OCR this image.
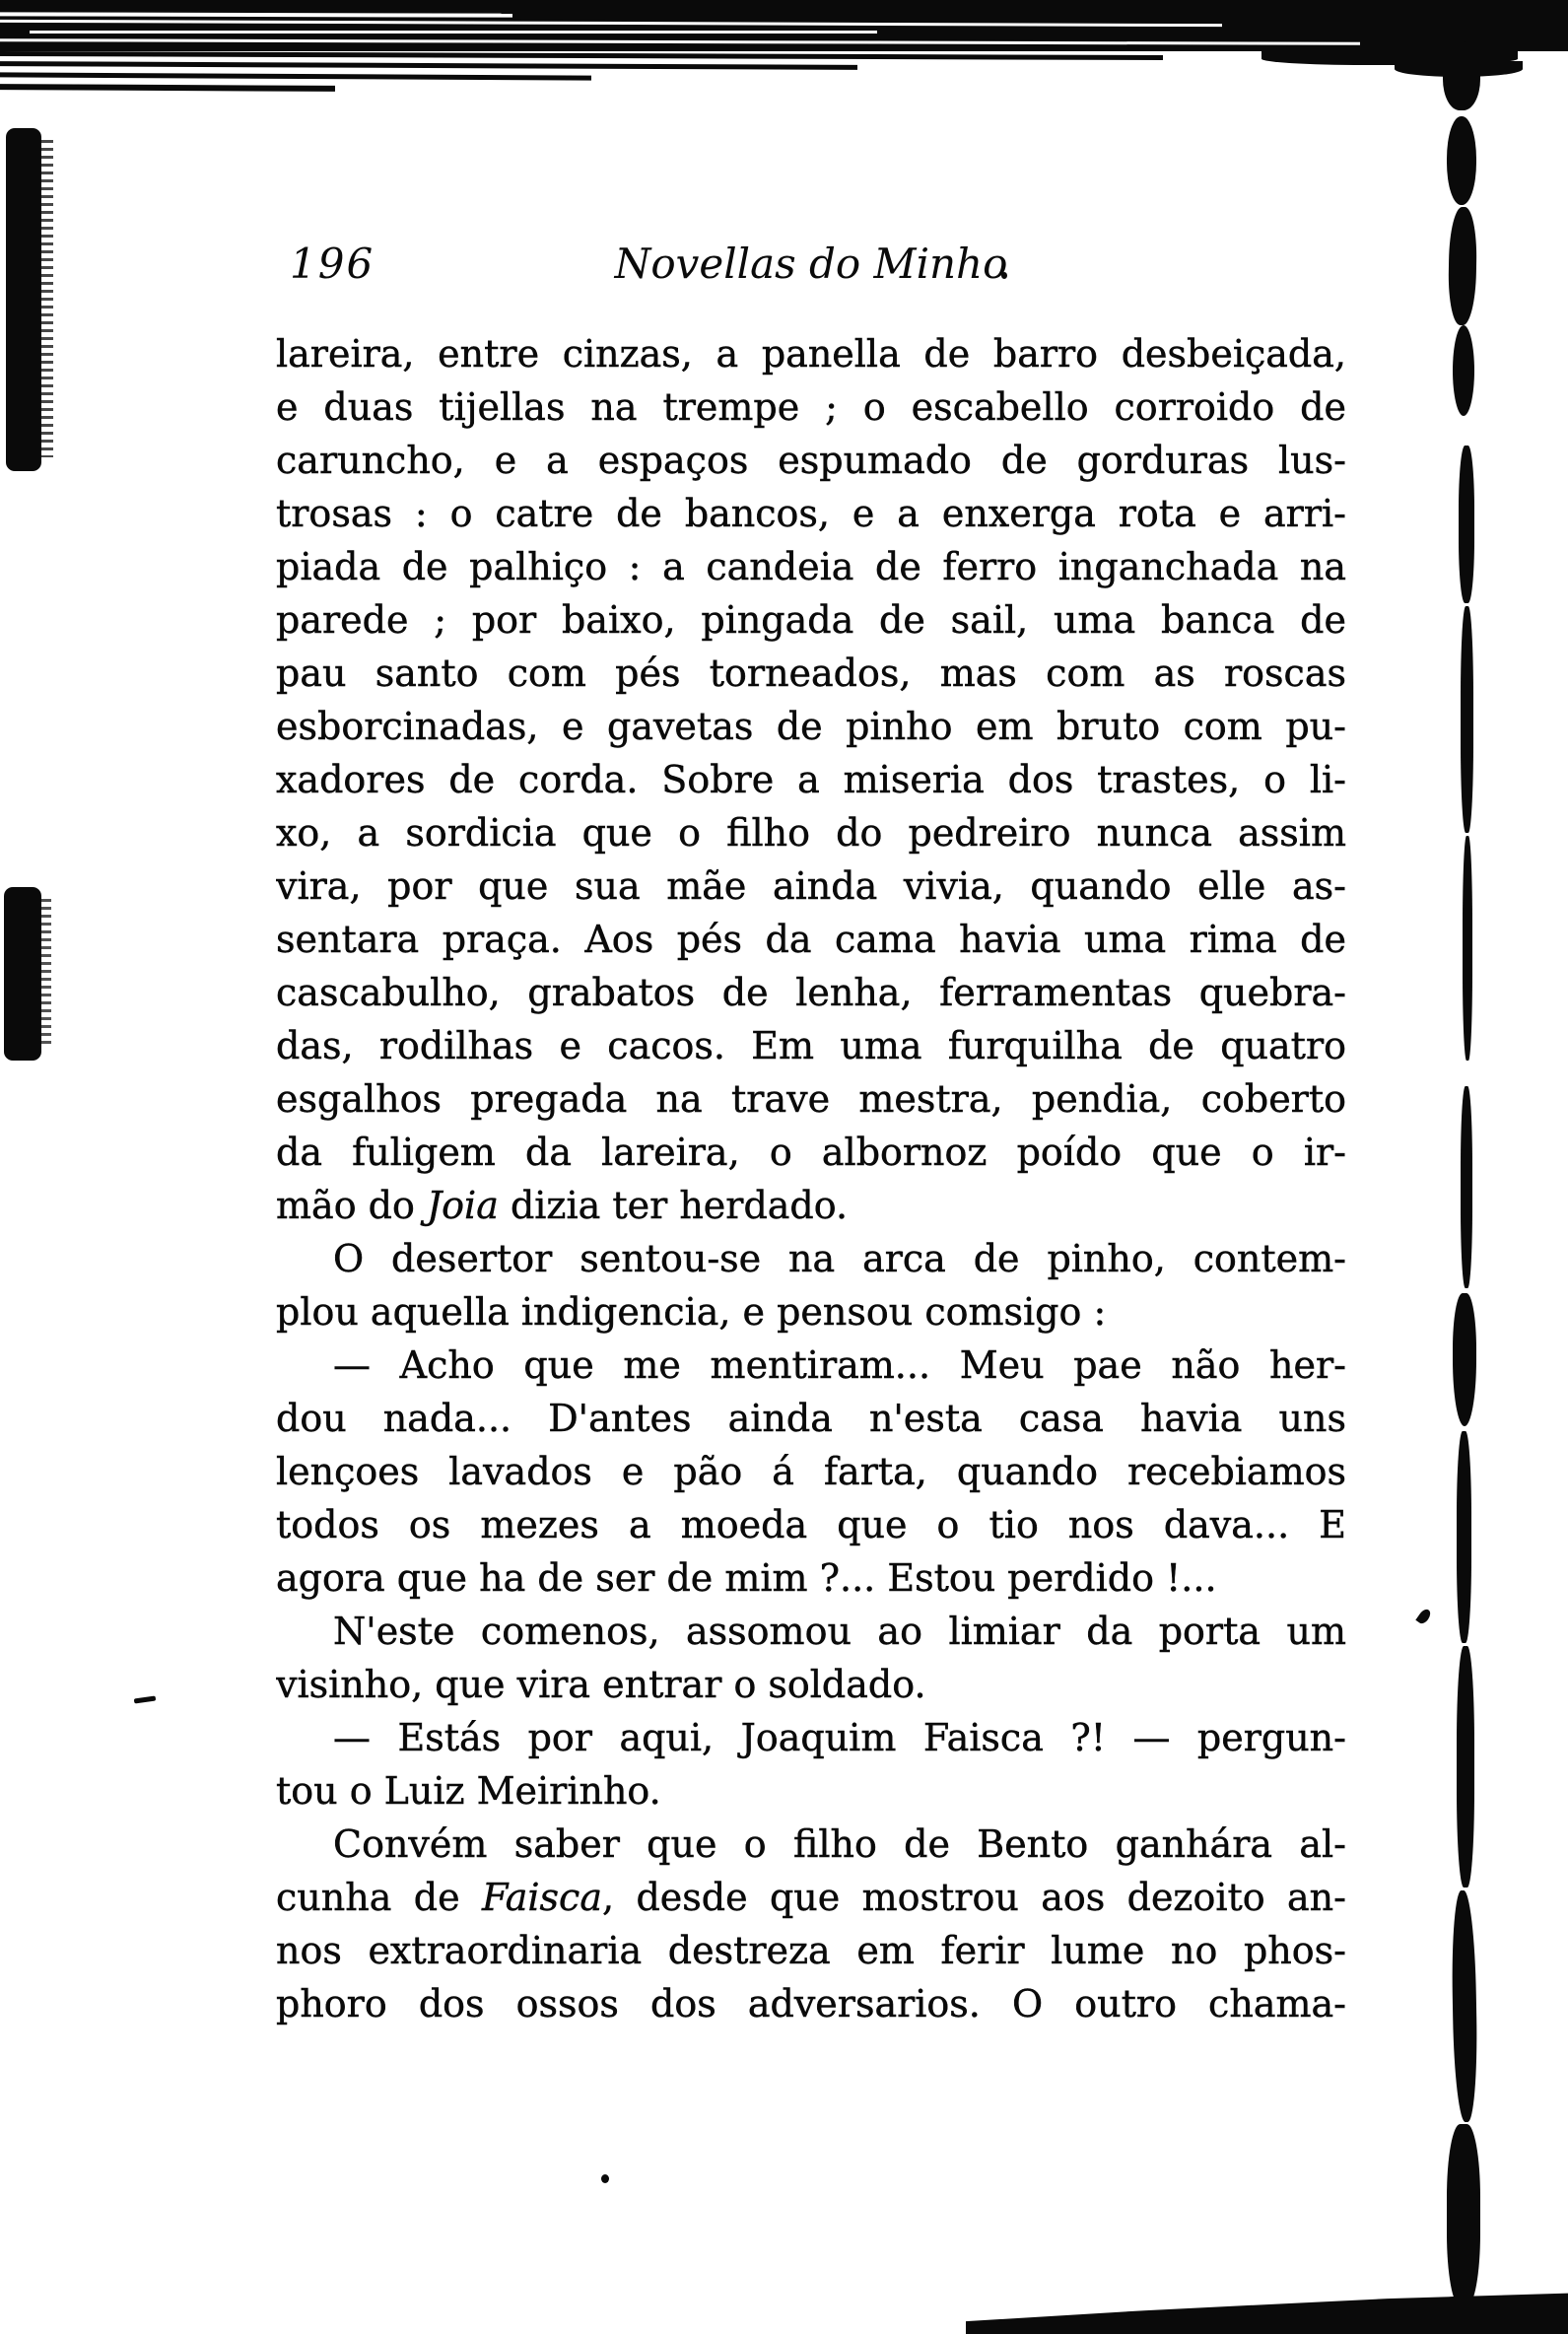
196	Novellas do Minho
lareira, entre cinzas, a panella de barro desbeiçada,
e duas tijellas na trempe ; o escabello corroido de
caruncho, e a espaços espumado de gorduras lus-
trosas : o catre de bancos, e a enxerga rota e arri-
piada de palhiço : a candeia de ferro inganchada na
parede ; por baixo, pingada de sail, uma banca de
pau santo com pés torneados, mas com as roscas
esborcinadas, e gavetas de pinho em bruto com pu-
xadores de corda. Sobre a miseria dos trastes, o li-
xo, a sordicia que o filho do pedreiro nunca assim
vira, por que sua mãe ainda vivia, quando elle as-
sentara praça. Aos pés da cama havia uma rima de
cascabulho, grabatos de lenha, ferramentas quebra-
das, rodilhas e cacos. Em uma furquilha de quatro
esgalhos pregada na trave mestra, pendia, coberto
da fuligem da lareira, o albornoz poído que o ir-
mão do Joia dizia ter herdado.
O desertor sentou-se na arca de pinho, contem-
plou aquella indigencia, e pensou comsigo :
— Acho que me mentiram... Meu pae não her-
dou nada... D'antes ainda n'esta casa havia uns
lençoes lavados e pão á farta, quando recebiamos
todos os mezes a moeda que o tio nos dava... E
agora que ha de ser de mim ?... Estou perdido !...
N'este comenos, assomou ao limiar da porta um
visinho, que vira entrar o soldado.
— Estás por aqui, Joaquim Faisca ?! — pergun-
tou o Luiz Meirinho.
Convém saber que o filho de Bento ganhára al-
cunha de Faisca, desde que mostrou aos dezoito an-
nos extraordinaria destreza em ferir lume no phos-
phoro dos ossos dos adversarios. O outro chama-
